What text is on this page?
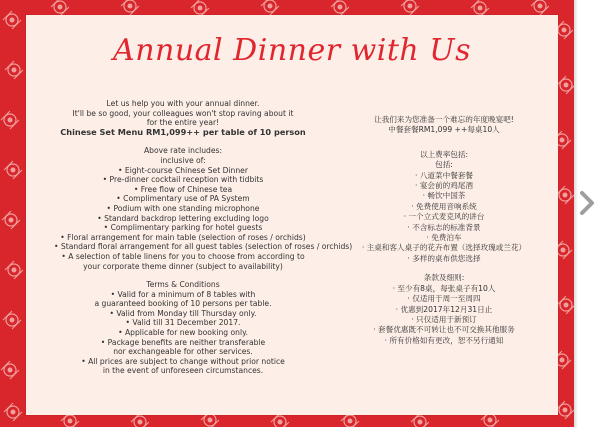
Annual Dinner with Us
Let us help you with your annual dinner.
It'll be so good, your colleagues won't stop raving about it
for the entire year!
Chinese Set Menu RM1,099++ per table of 10 person
Above rate includes:
inclusive of:
• Eight-course Chinese Set Dinner
• Pre-dinner cocktail reception with tidbits
• Free flow of Chinese tea
• Complimentary use of PA System
• Podium with one standing microphone
• Standard backdrop lettering excluding logo
• Complimentary parking for hotel guests
• Floral arrangement for main table (selection of roses / orchids)
• Standard floral arrangement for all guest tables (selection of roses / orchids)
• A selection of table linens for you to choose from according to
your corporate theme dinner (subject to availability)
Terms & Conditions
• Valid for a minimum of 8 tables with
a guaranteed booking of 10 persons per table.
• Valid from Monday till Thursday only.
• Valid till 31 December 2017.
• Applicable for new booking only.
• Package benefits are neither transferable
nor exchangeable for other services.
• All prices are subject to change without prior notice
in the event of unforeseen circumstances.
让我们来为您准备一个难忘的年度晚宴吧!
中餐套餐RM1,099 ++每桌10人
以上费率包括:
包括:
· 八道菜中餐套餐
· 宴会前的鸡尾酒
· 畅饮中国茶
· 免费使用音响系统
· 一个立式麦克风的讲台
· 不含标志的标准背景
· 免费泊车
· 主桌和客人桌子的花卉布置（选择玫瑰或兰花）
· 多样的桌布供您选择
条款及细则:
· 至少有8桌，每张桌子有10人
· 仅适用于周一至周四
· 优惠到2017年12月31日止
· 只仅适用于新预订
· 套餐优惠既不可转让也不可交换其他服务
· 所有价格如有更改，恕不另行通知
